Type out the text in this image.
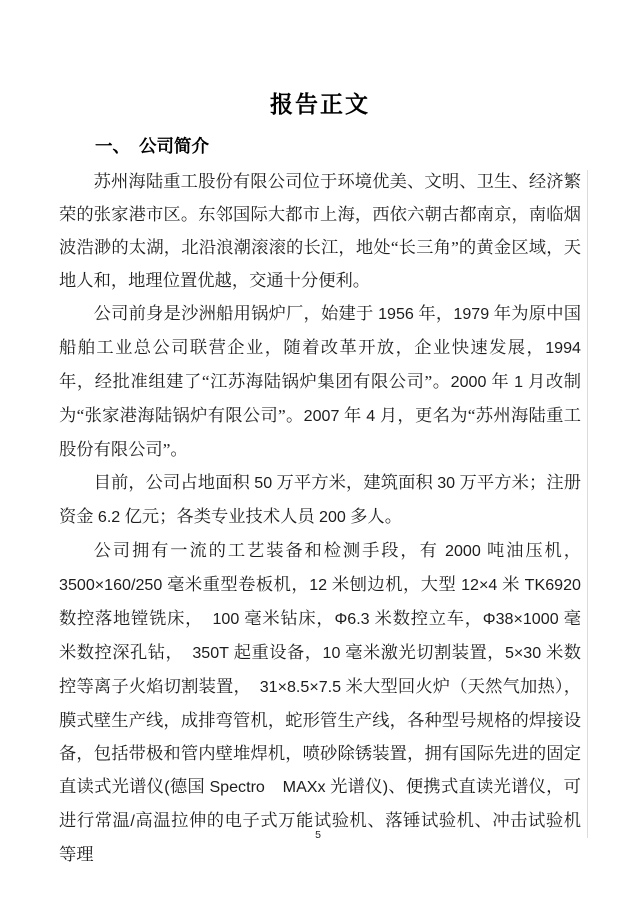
报告正文
一、 公司简介

苏州海陆重工股份有限公司位于环境优美、文明、卫生、经济繁荣的张家港市区。东邻国际大都市上海，西依六朝古都南京，南临烟波浩渺的太湖，北沿浪潮滚滚的长江，地处“长三角”的黄金区域，天地人和，地理位置优越，交通十分便利。

公司前身是沙洲船用锅炉厂，始建于 1956 年，1979 年为原中国船舶工业总公司联营企业，随着改革开放，企业快速发展，1994 年，经批准组建了“江苏海陆锅炉集团有限公司”。2000 年 1 月改制为“张家港海陆锅炉有限公司”。2007 年 4 月，更名为“苏州海陆重工股份有限公司”。

目前，公司占地面积 50 万平方米，建筑面积 30 万平方米；注册资金 6.2 亿元；各类专业技术人员 200 多人。

公司拥有一流的工艺装备和检测手段，有 2000 吨油压机，3500×160/250 毫米重型卷板机，12 米刨边机，大型 12×4 米 TK6920 数控落地镗铣床，　100 毫米钻床，Φ6.3 米数控立车，Φ38×1000 毫米数控深孔钻，　350T 起重设备，10 毫米激光切割装置，5×30 米数控等离子火焰切割装置，　31×8.5×7.5 米大型回火炉（天然气加热），膜式壁生产线，成排弯管机，蛇形管生产线，各种型号规格的焊接设备，包括带极和管内壁堆焊机，喷砂除锈装置，拥有国际先进的固定直读式光谱仪(德国 Spectro　 MAXx 光谱仪)、便携式直读光谱仪，可进行常温/高温拉伸的电子式万能试验机、落锤试验机、冲击试验机等理

5
